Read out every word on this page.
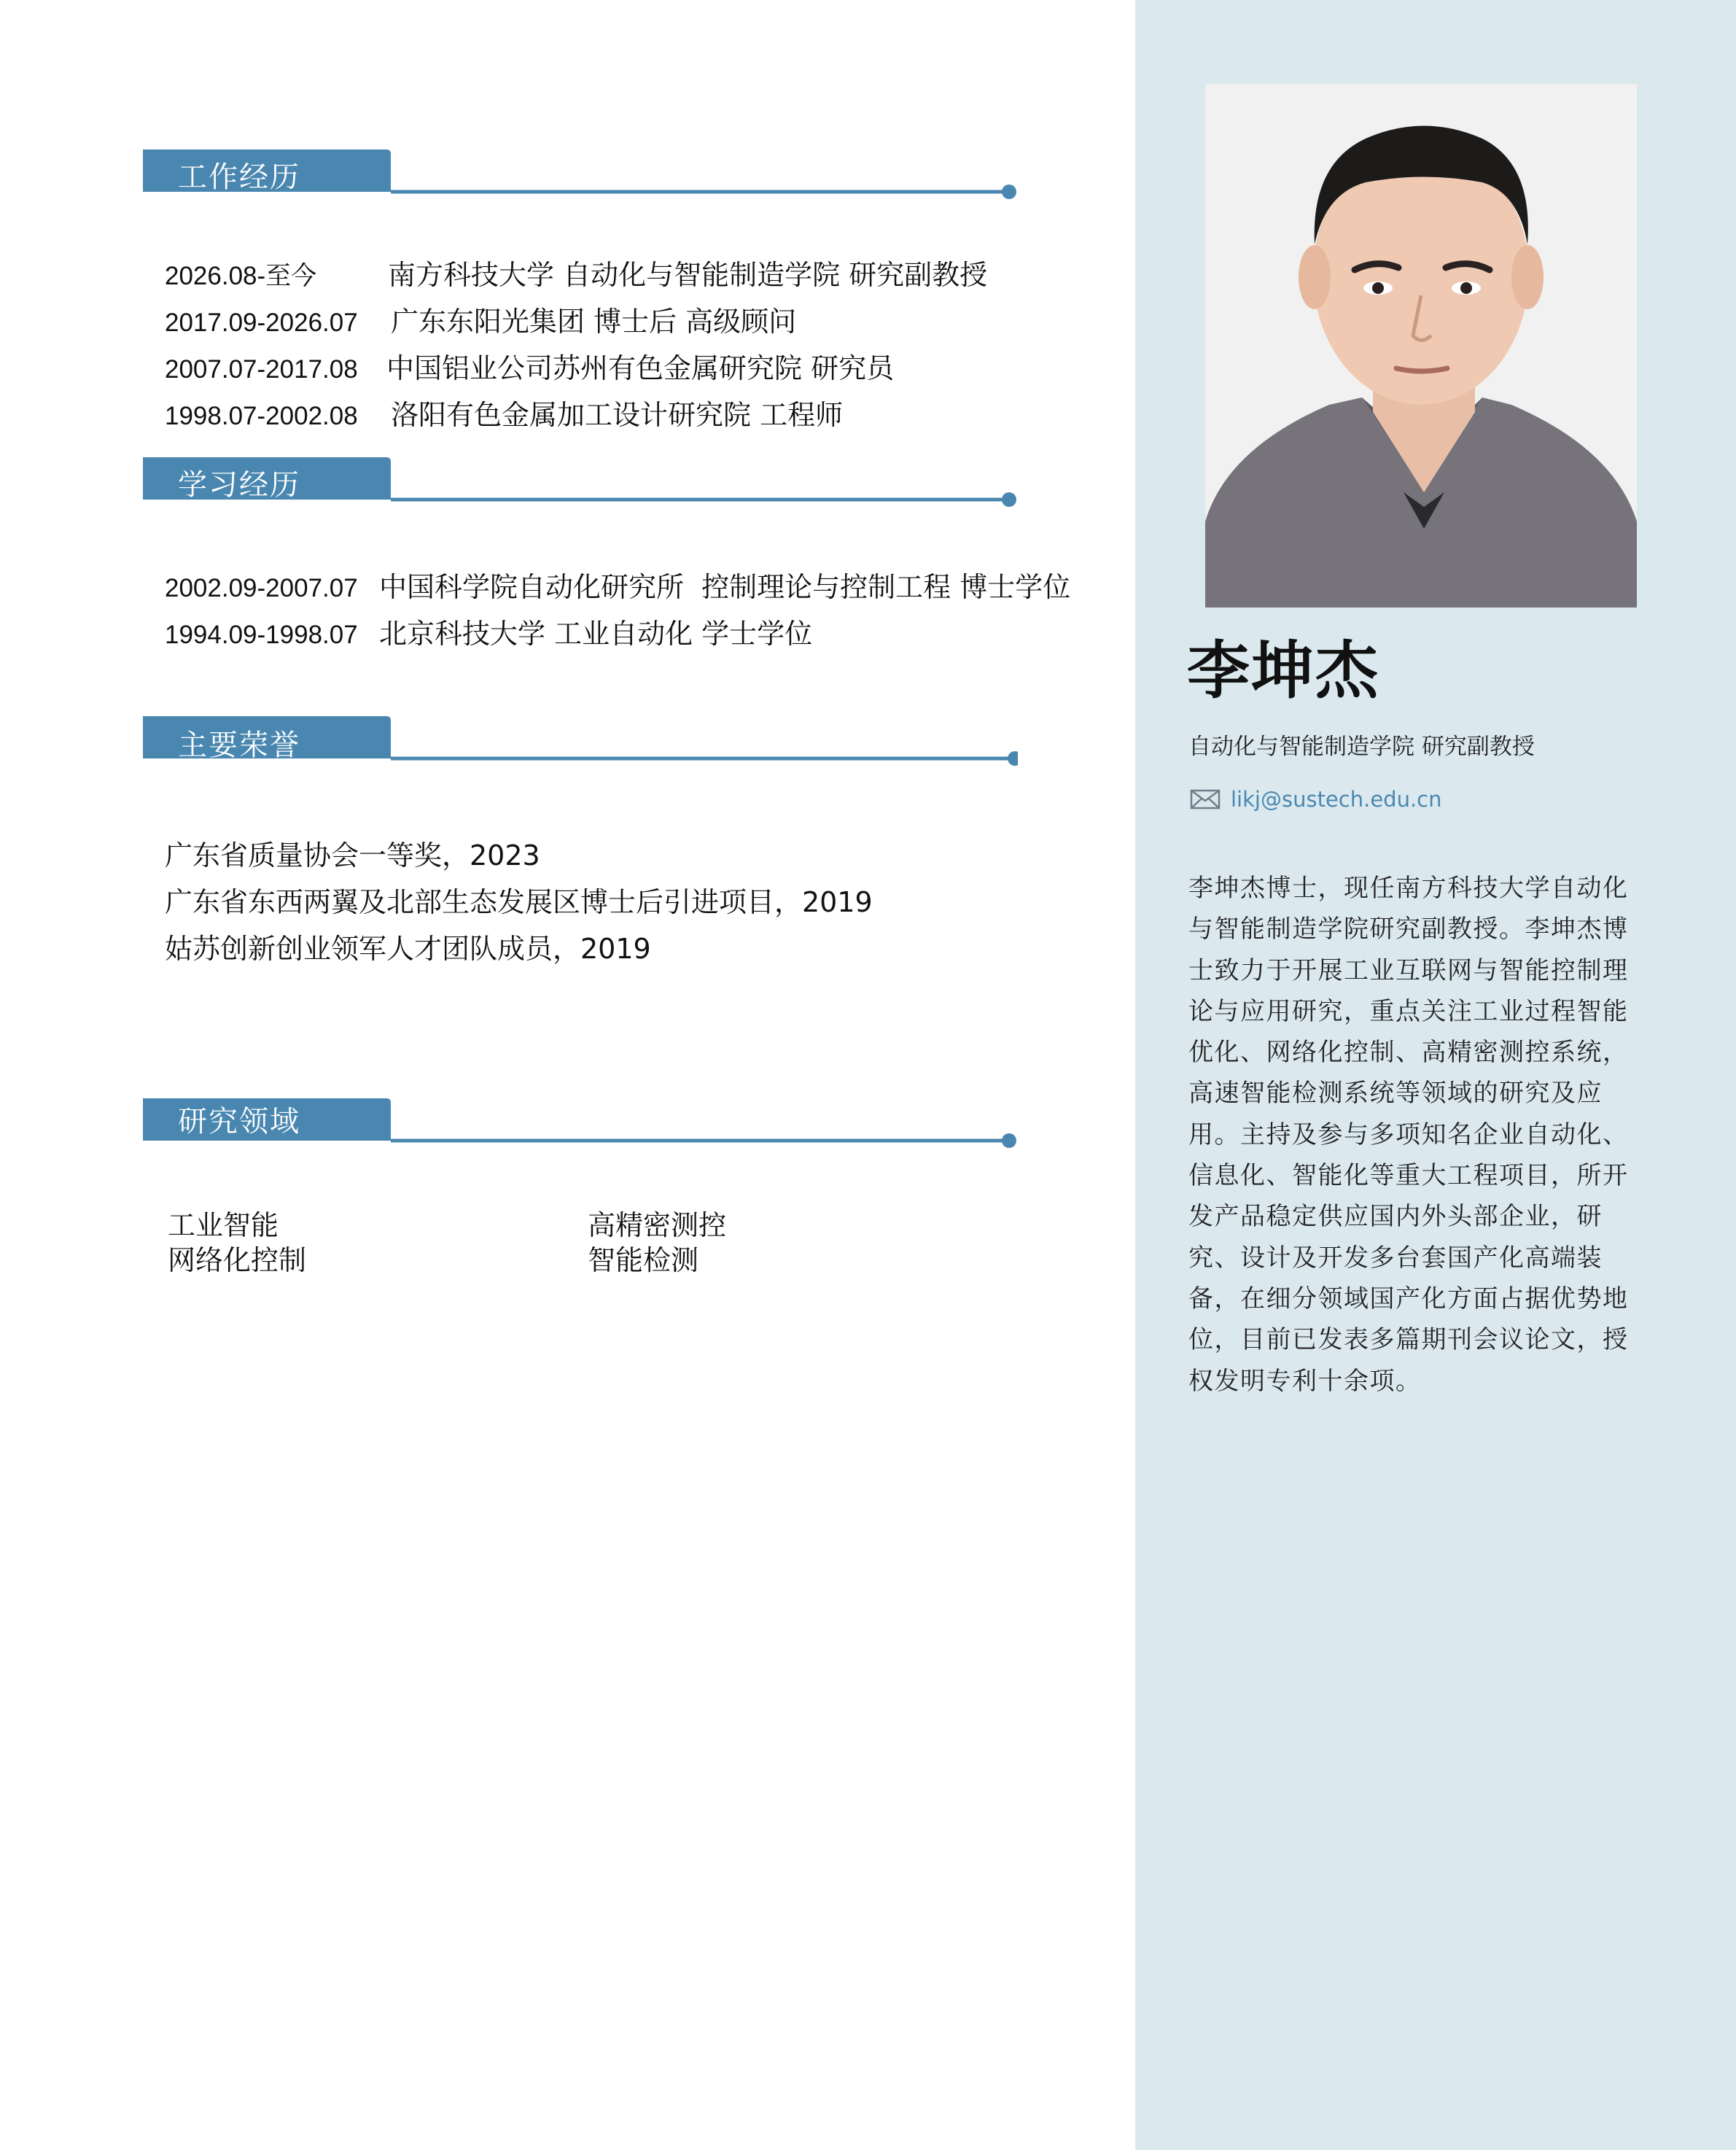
李坤杰
自动化与智能制造学院 研究副教授
likj@sustech.edu.cn

李坤杰博士，现任南方科技大学自动化与智能制造学院研究副教授。李坤杰博士致力于开展工业互联网与智能控制理论与应用研究，重点关注工业过程智能优化、网络化控制、高精密测控系统，高速智能检测系统等领域的研究及应用。主持及参与多项知名企业自动化、信息化、智能化等重大工程项目，所开发产品稳定供应国内外头部企业，研究、设计及开发多台套国产化高端装备，在细分领域国产化方面占据优势地位，目前已发表多篇期刊会议论文，授权发明专利十余项。

工作经历
2026.08-至今	南方科技大学 自动化与智能制造学院 研究副教授
2017.09-2026.07 广东东阳光集团 博士后 高级顾问
2007.07-2017.08 中国铝业公司苏州有色金属研究院 研究员
1998.07-2002.08 洛阳有色金属加工设计研究院 工程师
学习经历
2002.09-2007.07 中国科学院自动化研究所  控制理论与控制工程 博士学位
1994.09-1998.07 北京科技大学 工业自动化 学士学位
主要荣誉
广东省质量协会一等奖，2023
广东省东西两翼及北部生态发展区博士后引进项目，2019
姑苏创新创业领军人才团队成员，2019
研究领域
工业智能	高精密测控
网络化控制	智能检测
